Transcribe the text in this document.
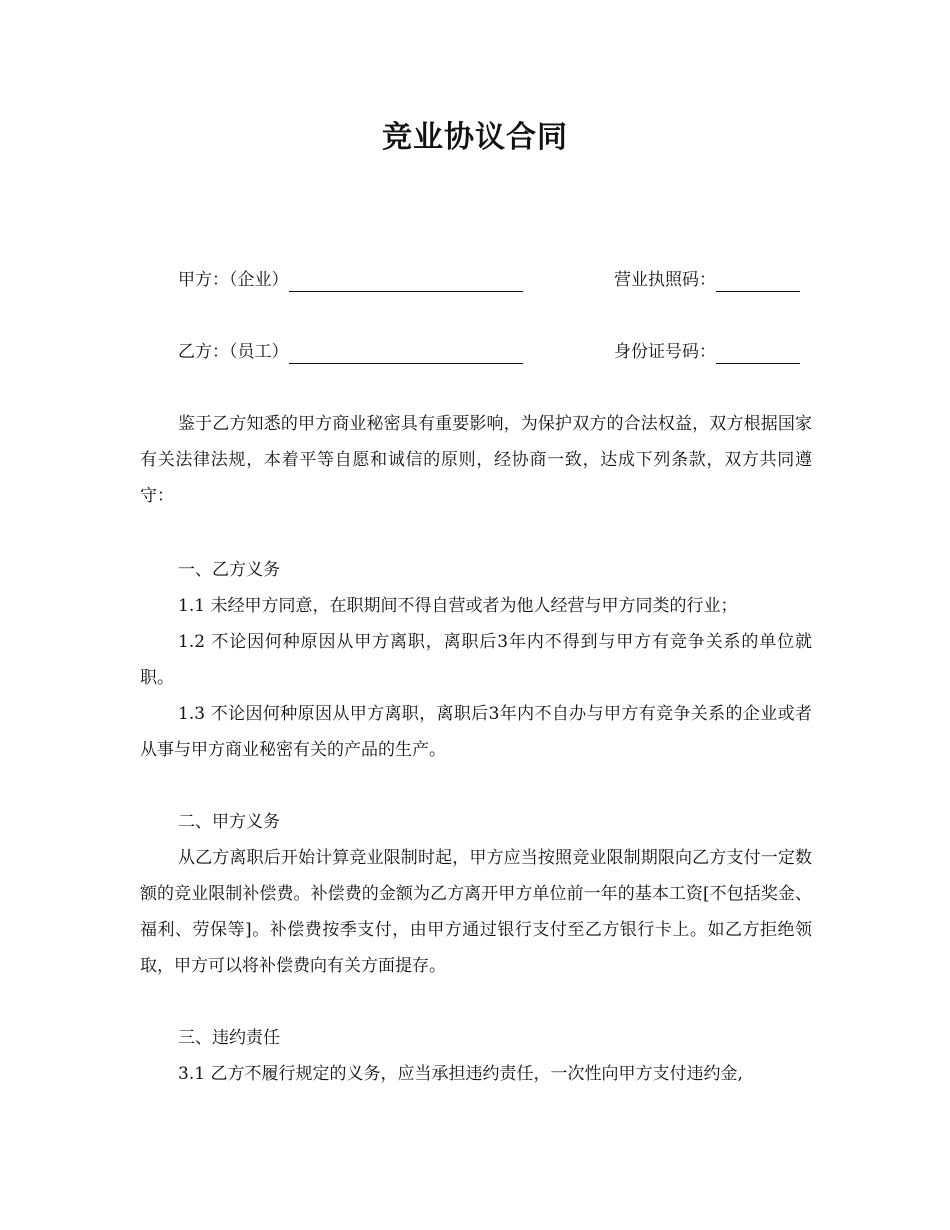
竞业协议合同
甲方：（企业）	营业执照码：
乙方：（员工）	身份证号码：
鉴于乙方知悉的甲方商业秘密具有重要影响，为保护双方的合法权益，双方根据国家有关法律法规，本着平等自愿和诚信的原则，经协商一致，达成下列条款，双方共同遵守：
一、乙方义务
1.1 未经甲方同意，在职期间不得自营或者为他人经营与甲方同类的行业；
1.2 不论因何种原因从甲方离职，离职后3年内不得到与甲方有竞争关系的单位就职。
1.3 不论因何种原因从甲方离职，离职后3年内不自办与甲方有竞争关系的企业或者从事与甲方商业秘密有关的产品的生产。
二、甲方义务
从乙方离职后开始计算竞业限制时起，甲方应当按照竞业限制期限向乙方支付一定数额的竞业限制补偿费。补偿费的金额为乙方离开甲方单位前一年的基本工资[不包括奖金、福利、劳保等]。补偿费按季支付，由甲方通过银行支付至乙方银行卡上。如乙方拒绝领取，甲方可以将补偿费向有关方面提存。
三、违约责任
3.1 乙方不履行规定的义务，应当承担违约责任，一次性向甲方支付违约金,
